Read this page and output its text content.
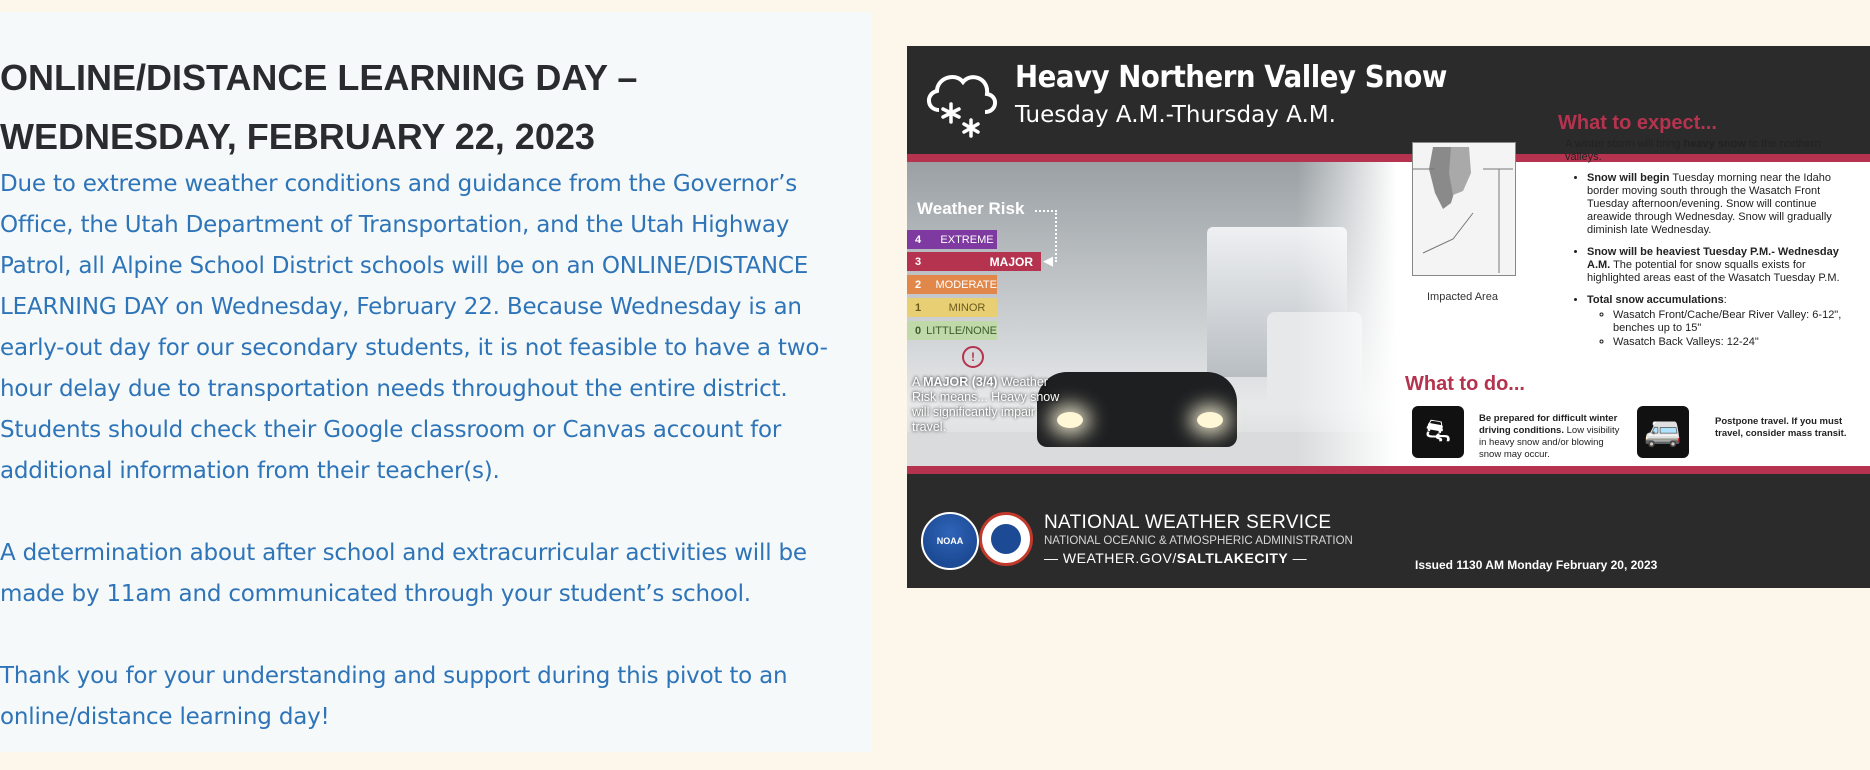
ONLINE/DISTANCE LEARNING DAY –
WEDNESDAY, FEBRUARY 22, 2023
Due to extreme weather conditions and guidance from the Governor’s Office, the Utah Department of Transportation, and the Utah Highway Patrol, all Alpine School District schools will be on an ONLINE/DISTANCE LEARNING DAY on Wednesday, February 22. Because Wednesday is an early-out day for our secondary students, it is not feasible to have a two-hour delay due to transportation needs throughout the entire district. Students should check their Google classroom or Canvas account for additional information from their teacher(s).
A determination about after school and extracurricular activities will be made by 11am and communicated through your student’s school.
Thank you for your understanding and support during this pivot to an online/distance learning day!
Heavy Northern Valley Snow
Tuesday A.M.-Thursday A.M.
Weather Risk
4	EXTREME
3	MAJOR ◀
2	MODERATE
1	MINOR
0 LITTLE/NONE
!
A MAJOR (3/4) Weather Risk means... Heavy snow will significantly impair travel.
What to expect...
Impacted Area
A winter storm will bring heavy snow to the northern valleys.
• Snow will begin Tuesday morning near the Idaho border moving south through the Wasatch Front Tuesday afternoon/evening. Snow will continue areawide through Wednesday. Snow will gradually diminish late Wednesday.
• Snow will be heaviest Tuesday P.M.- Wednesday A.M. The potential for snow squalls exists for highlighted areas east of the Wasatch Tuesday P.M.
• Total snow accumulations:
◦ Wasatch Front/Cache/Bear River Valley: 6-12", benches up to 15"
◦ Wasatch Back Valleys: 12-24"
What to do...
⛐	Be prepared for difficult winter driving conditions. Low visibility in heavy snow and/or blowing snow may occur.
🚐	Postpone travel. If you must travel, consider mass transit.
NOAA
NATIONAL WEATHER SERVICE
NATIONAL OCEANIC & ATMOSPHERIC ADMINISTRATION
— WEATHER.GOV/SALTLAKECITY —	Issued 1130 AM Monday February 20, 2023
